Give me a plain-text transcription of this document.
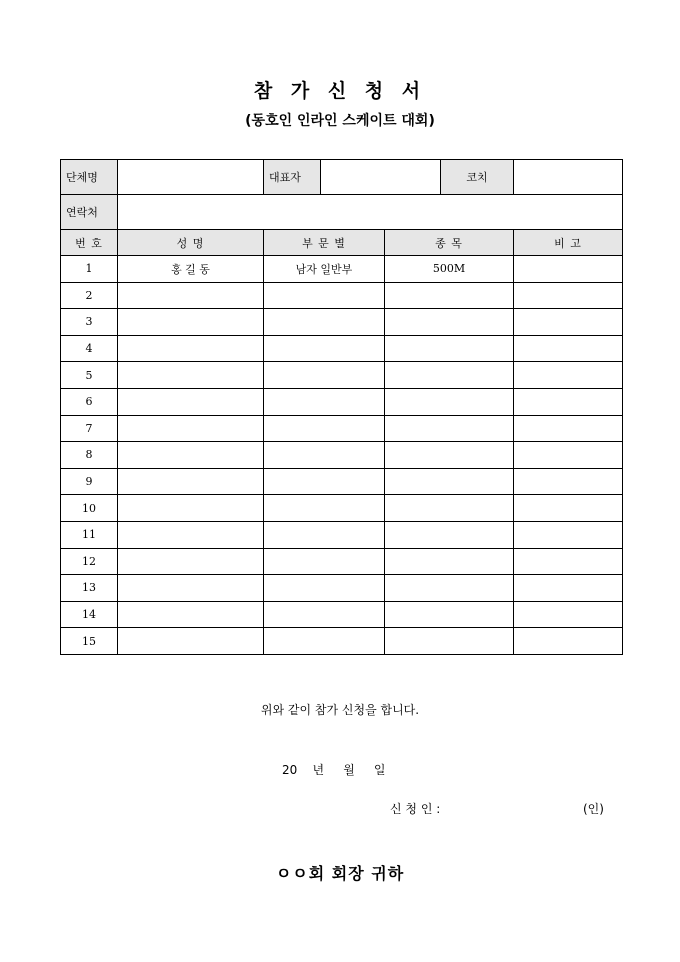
참 가 신 청 서
(동호인 인라인 스케이트 대회)
단체명		대표자			코치	
연락처						
번 호	성 명	부 문 별		종 목		비 고
1	홍 길 동	남자 일반부		500M		
2						
3						
4						
5						
6						
7						
8						
9						
10						
11						
12						
13						
14						
15						
위와 같이 참가 신청을 합니다.
20    년     월     일
신 청 인 :	(인)
ㅇㅇ회 회장 귀하
